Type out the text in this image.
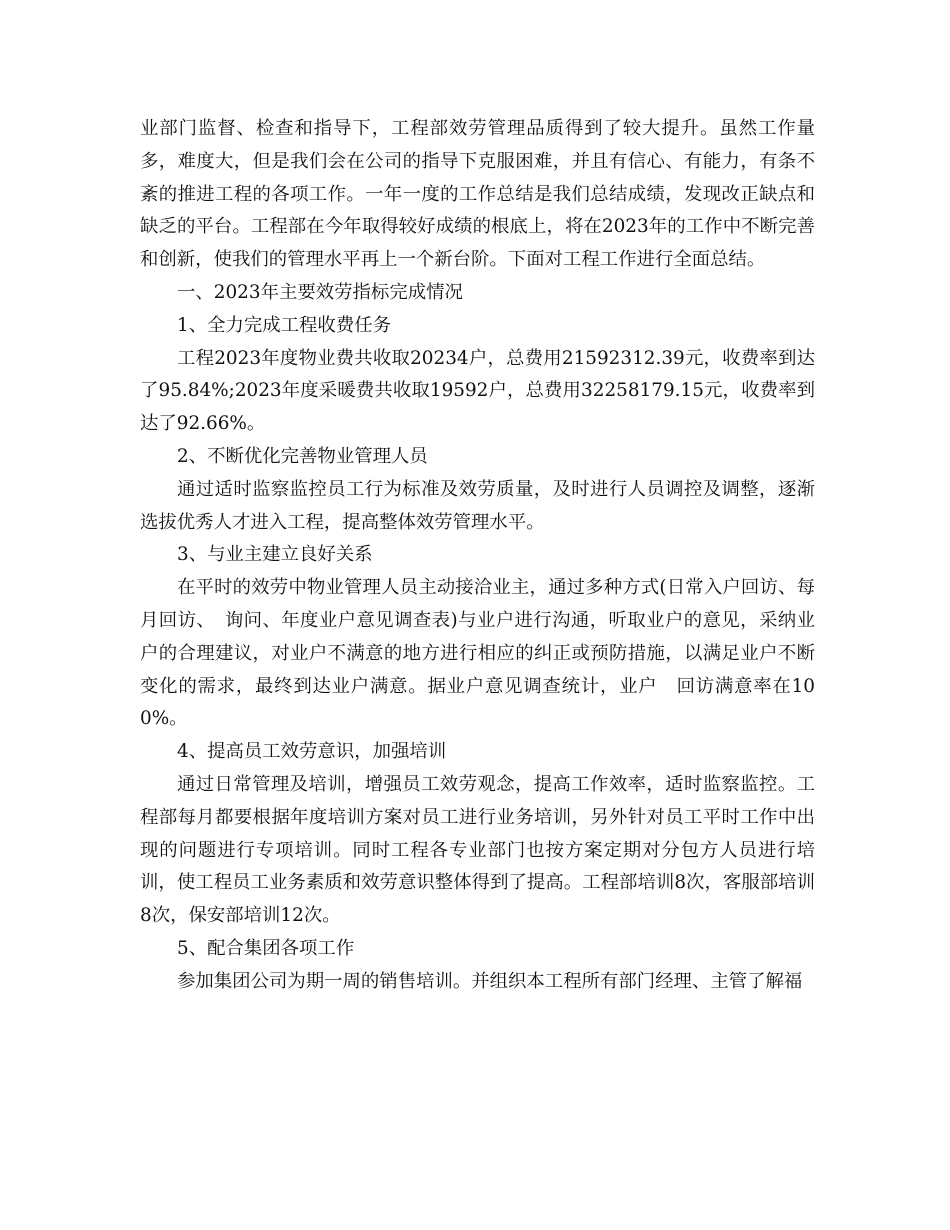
业部门监督、检查和指导下，工程部效劳管理品质得到了较大提升。虽然工作量多，难度大，但是我们会在公司的指导下克服困难，并且有信心、有能力，有条不紊的推进工程的各项工作。一年一度的工作总结是我们总结成绩，发现改正缺点和缺乏的平台。工程部在今年取得较好成绩的根底上，将在2023年的工作中不断完善和创新，使我们的管理水平再上一个新台阶。下面对工程工作进行全面总结。

一、2023年主要效劳指标完成情况

1、全力完成工程收费任务

工程2023年度物业费共收取20234户，总费用21592312.39元，收费率到达了95.84%;2023年度采暖费共收取19592户，总费用32258179.15元，收费率到达了92.66%。

2、不断优化完善物业管理人员

通过适时监察监控员工行为标准及效劳质量，及时进行人员调控及调整，逐渐选拔优秀人才进入工程，提高整体效劳管理水平。

3、与业主建立良好关系

在平时的效劳中物业管理人员主动接洽业主，通过多种方式(日常入户回访、每月回访、　询问、年度业户意见调查表)与业户进行沟通，听取业户的意见，采纳业户的合理建议，对业户不满意的地方进行相应的纠正或预防措施，以满足业户不断变化的需求，最终到达业户满意。据业户意见调查统计，业户　回访满意率在100%。

4、提高员工效劳意识，加强培训

通过日常管理及培训，增强员工效劳观念，提高工作效率，适时监察监控。工程部每月都要根据年度培训方案对员工进行业务培训，另外针对员工平时工作中出现的问题进行专项培训。同时工程各专业部门也按方案定期对分包方人员进行培训，使工程员工业务素质和效劳意识整体得到了提高。工程部培训8次，客服部培训8次，保安部培训12次。

5、配合集团各项工作

参加集团公司为期一周的销售培训。并组织本工程所有部门经理、主管了解福
